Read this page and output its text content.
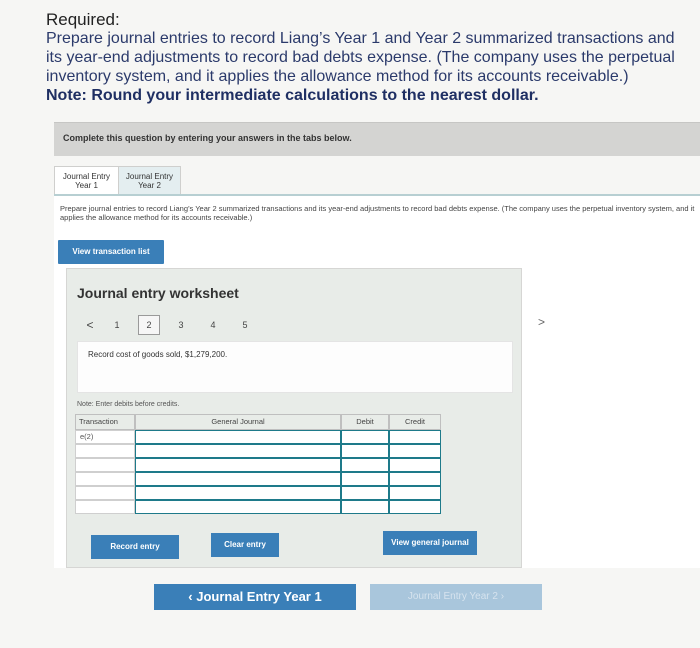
Required:
Prepare journal entries to record Liang’s Year 1 and Year 2 summarized transactions and its year-end adjustments to record bad debts expense. (The company uses the perpetual inventory system, and it applies the allowance method for its accounts receivable.)
Note: Round your intermediate calculations to the nearest dollar.
Complete this question by entering your answers in the tabs below.
Journal Entry
Year 1
Journal Entry
Year 2
Prepare journal entries to record Liang’s Year 2 summarized transactions and its year-end adjustments to record bad debts expense. (The company uses the perpetual inventory system, and it applies the allowance method for its accounts receivable.)
View transaction list
Journal entry worksheet
<	1	2	3	4	5	>
Record cost of goods sold, $1,279,200.
Note: Enter debits before credits.
Transaction	General Journal	Debit	Credit
e(2)
Record entry	Clear entry	View general journal
‹ Journal Entry Year 1	Journal Entry Year 2 ›
